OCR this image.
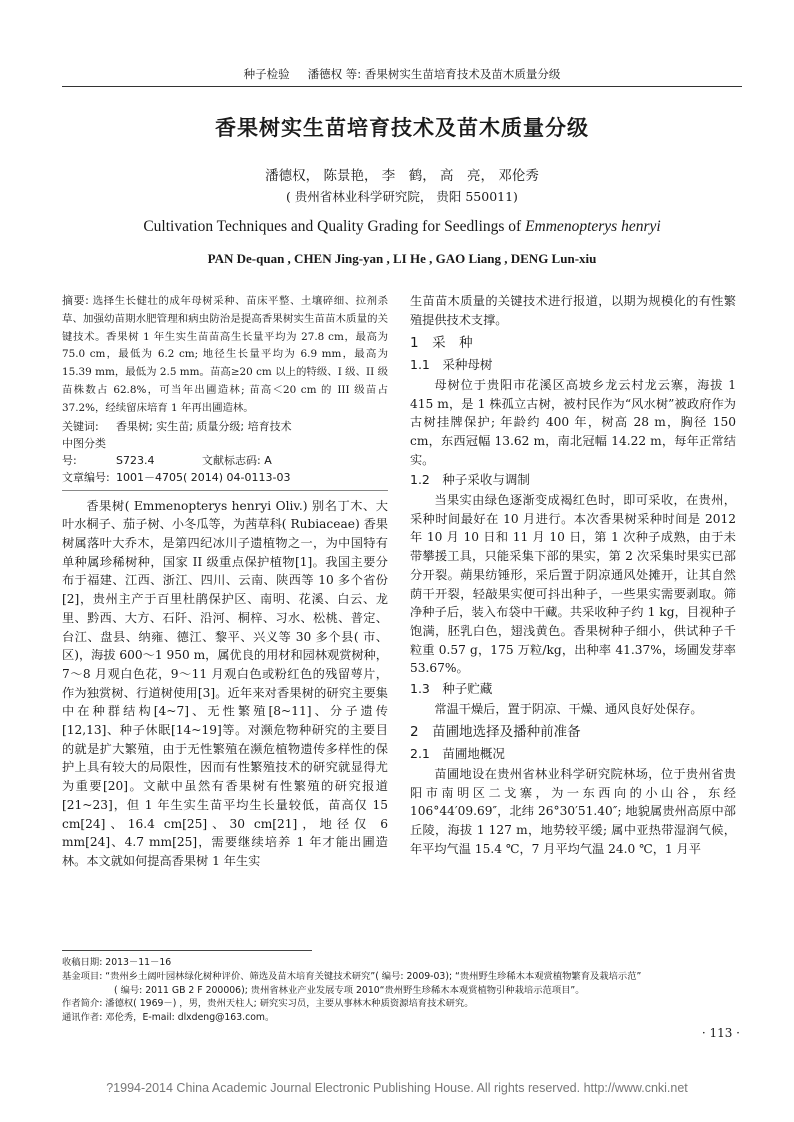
种子检验 潘德权 等: 香果树实生苗培育技术及苗木质量分级
香果树实生苗培育技术及苗木质量分级
潘德权， 陈景艳， 李　鹤， 高　亮， 邓伦秀
( 贵州省林业科学研究院， 贵阳 550011)
Cultivation Techniques and Quality Grading for Seedlings of Emmenopterys henryi
PAN De-quan , CHEN Jing-yan , LI He , GAO Liang , DENG Lun-xiu
摘要: 选择生长健壮的成年母树采种、苗床平整、土壤碎细、拉剂杀草、加强幼苗期水肥管理和病虫防治是提高香果树实生苗苗木质量的关键技术。香果树 1 年生实生苗苗高生长量平均为 27.8 cm，最高为 75.0 cm，最低为 6.2 cm; 地径生长量平均为 6.9 mm，最高为 15.39 mm，最低为 2.5 mm。苗高≥20 cm 以上的特级、I 级、II 级苗株数占 62.8%，可当年出圃造林; 苗高＜20 cm 的 III 级苗占 37.2%，经续留床培育 1 年再出圃造林。
关键词: 香果树; 实生苗; 质量分级; 培育技术
中图分类号:	S723.4	文献标志码: A
文章编号: 1001－4705( 2014) 04-0113-03

香果树( Emmenopterys henryi Oliv.) 别名丁木、大叶水桐子、茄子树、小冬瓜等，为茜草科( Rubiaceae) 香果树属落叶大乔木，是第四纪冰川子遗植物之一，为中国特有单种属珍稀树种，国家 II 级重点保护植物[1]。我国主要分布于福建、江西、浙江、四川、云南、陕西等 10 多个省份[2]，贵州主产于百里杜鹃保护区、南明、花溪、白云、龙里、黔西、大方、石阡、沿河、桐梓、习水、松桃、普定、台江、盘县、纳雍、德江、黎平、兴义等 30 多个县( 市、区)，海拔 600～1 950 m，属优良的用材和园林观赏树种，7～8 月观白色花，9～11 月观白色或粉红色的残留萼片，作为独赏树、行道树使用[3]。近年来对香果树的研究主要集中在种群结构[4~7]、无性繁殖[8~11]、分子遗传[12,13]、种子休眠[14~19]等。对濒危物种研究的主要目的就是扩大繁殖，由于无性繁殖在濒危植物遗传多样性的保护上具有较大的局限性，因而有性繁殖技术的研究就显得尤为重要[20]。文献中虽然有香果树有性繁殖的研究报道[21~23]，但 1 年生实生苗平均生长量较低，苗高仅 15 cm[24]、16.4 cm[25]、30 cm[21]，地径仅 6 mm[24]、4.7 mm[25]，需要继续培养 1 年才能出圃造林。本文就如何提高香果树 1 年生实

生苗苗木质量的关键技术进行报道，以期为规模化的有性繁殖提供技术支撑。

1　采　种
1.1　采种母树

母树位于贵阳市花溪区高坡乡龙云村龙云寨，海拔 1 415 m，是 1 株孤立古树，被村民作为“风水树”被政府作为古树挂牌保护; 年龄约 400 年，树高 28 m，胸径 150 cm，东西冠幅 13.62 m，南北冠幅 14.22 m，每年正常结实。

1.2　种子采收与调制

当果实由绿色逐渐变成褐红色时，即可采收，在贵州，采种时间最好在 10 月进行。本次香果树采种时间是 2012 年 10 月 10 日和 11 月 10 日，第 1 次种子成熟，由于未带攀援工具，只能采集下部的果实，第 2 次采集时果实已部分开裂。蒴果纺锤形，采后置于阴凉通风处摊开，让其自然荫干开裂，轻敲果实便可抖出种子，一些果实需要剥取。筛净种子后，装入布袋中干藏。共采收种子约 1 kg，目视种子饱满，胚乳白色，翅浅黄色。香果树种子细小，供试种子千粒重 0.57 g，175 万粒/kg，出种率 41.37%，场圃发芽率 53.67%。

1.3　种子贮藏

常温干燥后，置于阴凉、干燥、通风良好处保存。

2　苗圃地选择及播种前准备
2.1　苗圃地概况

苗圃地设在贵州省林业科学研究院林场，位于贵州省贵阳市南明区二戈寨，为一东西向的小山谷，东经 106°44′09.69″，北纬 26°30′51.40″; 地貌属贵州高原中部丘陵，海拔 1 127 m，地势较平缓; 属中亚热带湿润气候，年平均气温 15.4 ℃，7 月平均气温 24.0 ℃，1 月平

收稿日期: 2013－11－16

基金项目: “贵州乡土阔叶园林绿化树种评价、筛选及苗木培育关键技术研究”( 编号: 2009-03); “贵州野生珍稀木本观赏植物繁育及栽培示范”

( 编号: 2011 GB 2 F 200006); 贵州省林业产业发展专项 2010“贵州野生珍稀木本观赏植物引种栽培示范项目”。

作者简介: 潘德权( 1969－) ，男，贵州天柱人; 研究实习员，主要从事林木种质资源培育技术研究。

通讯作者: 邓伦秀，E-mail: dlxdeng@163.com。

· 113 ·
?1994-2014 China Academic Journal Electronic Publishing House. All rights reserved. http://www.cnki.net
